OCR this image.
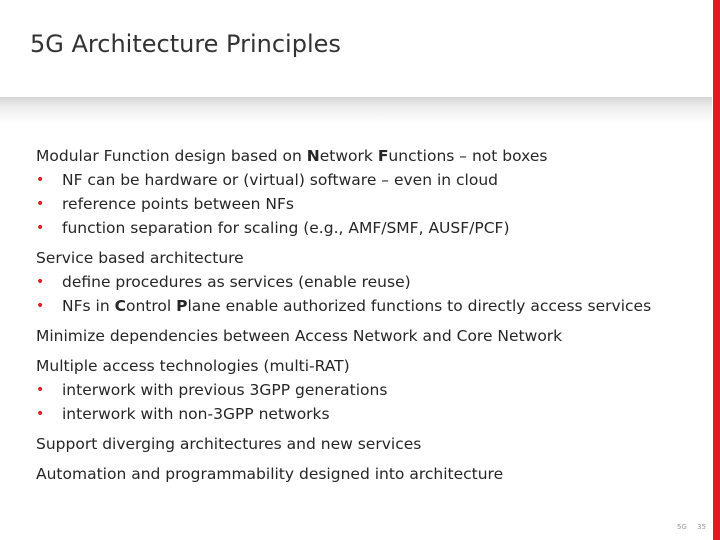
5G Architecture Principles
Modular Function design based on Network Functions – not boxes
• NF can be hardware or (virtual) software – even in cloud
• reference points between NFs
• function separation for scaling (e.g., AMF/SMF, AUSF/PCF)
Service based architecture
• define procedures as services (enable reuse)
• NFs in Control Plane enable authorized functions to directly access services
Minimize dependencies between Access Network and Core Network
Multiple access technologies (multi-RAT)
• interwork with previous 3GPP generations
• interwork with non-3GPP networks
Support diverging architectures and new services
Automation and programmability designed into architecture
5G 35
